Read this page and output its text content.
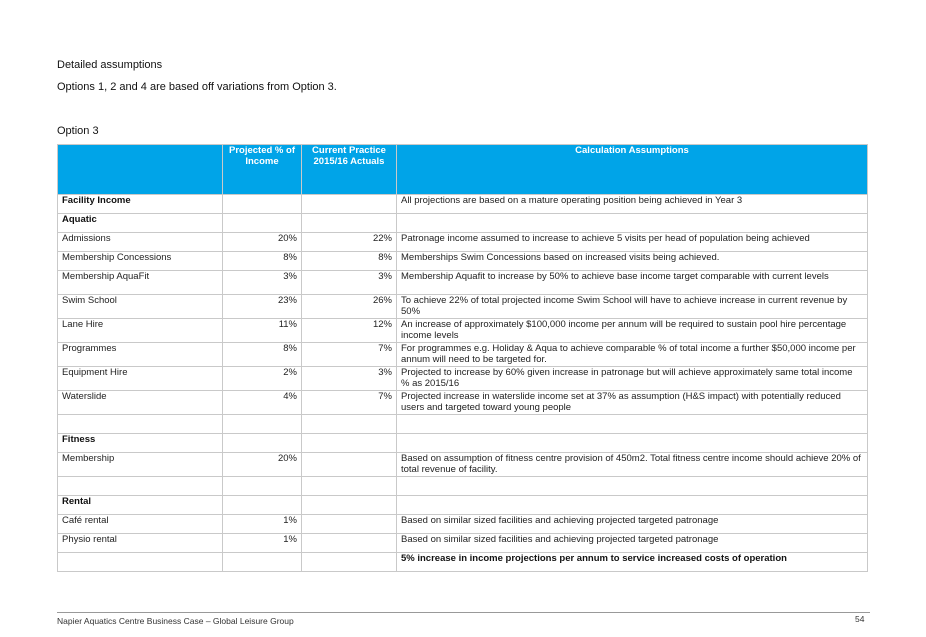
Detailed assumptions
Options 1, 2 and 4 are based off variations from Option 3.
Option 3
	Projected % of Income	Current Practice 2015/16 Actuals	Calculation Assumptions
Facility Income			All projections are based on a mature operating position being achieved in Year 3
Aquatic			
Admissions	20%	22%	Patronage income assumed to increase to achieve 5 visits per head of population being achieved
Membership Concessions	8%	8%	Memberships Swim Concessions based on increased visits being achieved.
Membership AquaFit	3%	3%	Membership Aquafit to increase by 50% to achieve base income target comparable with current levels
Swim School	23%	26%	To achieve 22% of total projected income Swim School will have to achieve increase in current revenue by 50%
Lane Hire	11%	12%	An increase of approximately $100,000 income per annum will be required to sustain pool hire percentage income levels
Programmes	8%	7%	For programmes e.g. Holiday & Aqua to achieve comparable % of total income a further $50,000 income per annum will need to be targeted for.
Equipment Hire	2%	3%	Projected to increase by 60% given increase in patronage but will achieve approximately same total income % as 2015/16
Waterslide	4%	7%	Projected increase in waterslide income set at 37% as assumption (H&S impact) with potentially reduced users and targeted toward young people

Fitness			
Membership	20%		Based on assumption of fitness centre provision of 450m2. Total fitness centre income should achieve 20% of total revenue of facility.

Rental			
Café rental	1%		Based on similar sized facilities and achieving projected targeted patronage
Physio rental	1%		Based on similar sized facilities and achieving projected targeted patronage
			5% increase in income projections per annum to service increased costs of operation
Napier Aquatics Centre Business Case – Global Leisure Group	54
